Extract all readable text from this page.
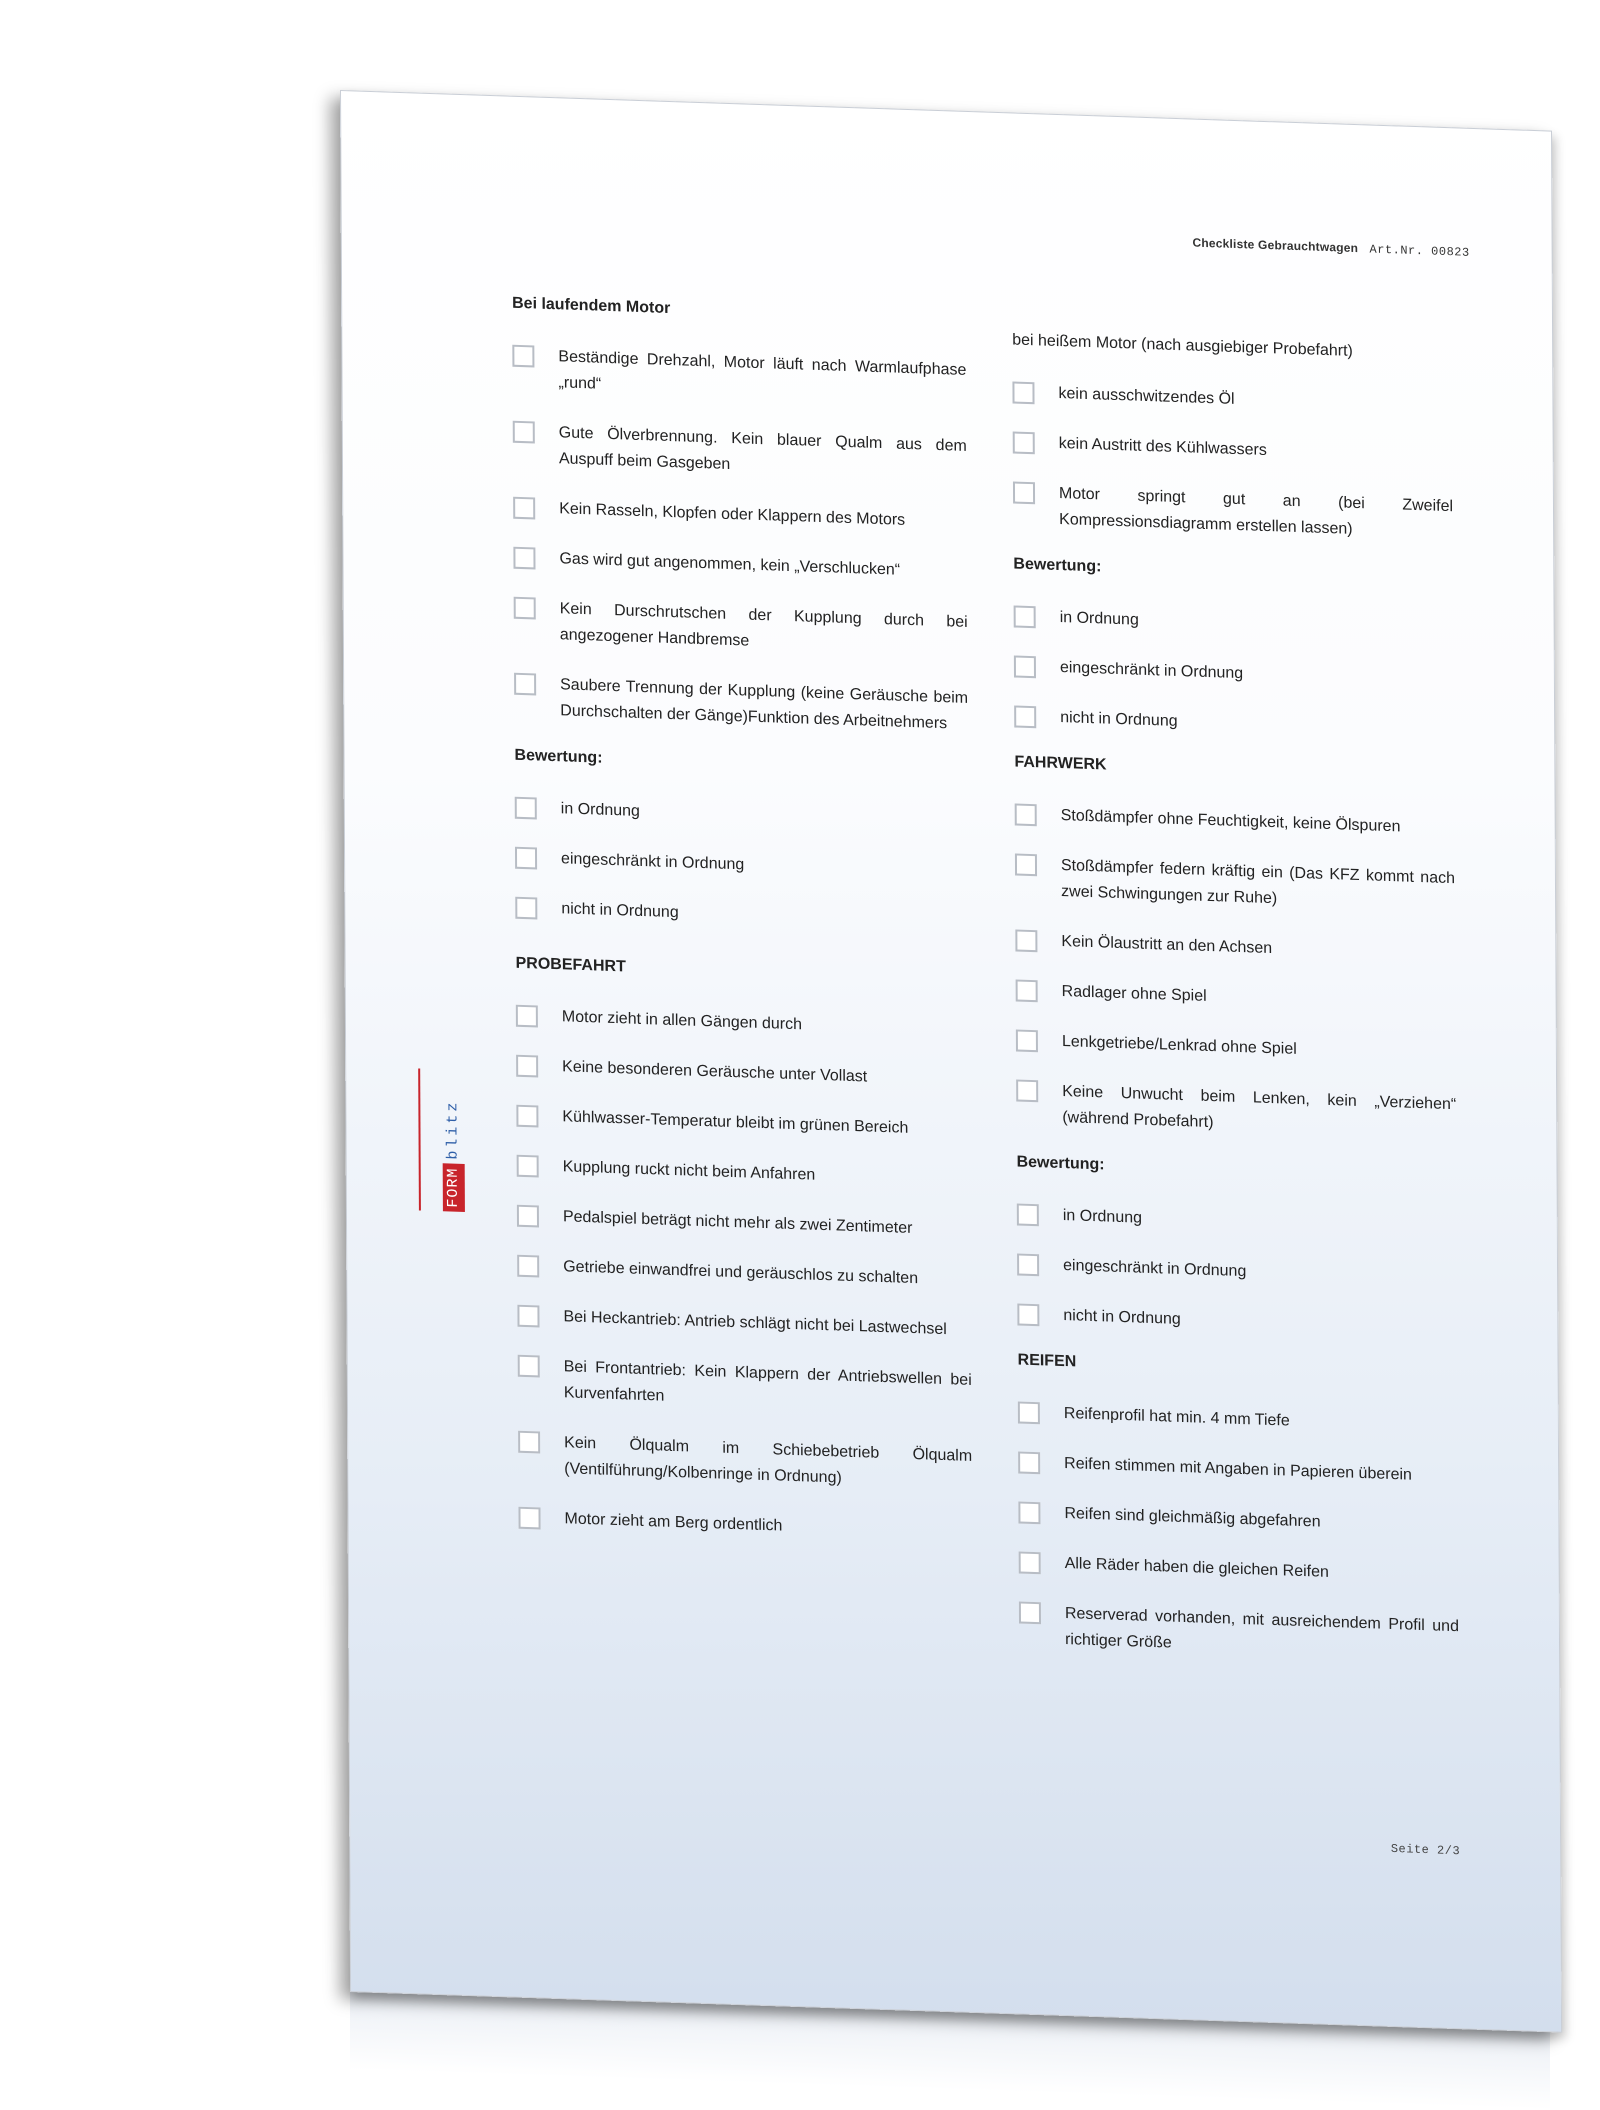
Checkliste Gebrauchtwagen Art.Nr. 00823
FORM
blitz
Bei laufendem Motor
Beständige Drehzahl, Motor läuft nach Warmlaufphase „rund“
Gute Ölverbrennung. Kein blauer Qualm aus dem Auspuff beim Gasgeben
Kein Rasseln, Klopfen oder Klappern des Motors
Gas wird gut angenommen, kein „Verschlucken“
Kein Durschrutschen der Kupplung durch bei angezogener Handbremse
Saubere Trennung der Kupplung (keine Geräusche beim Durchschalten der Gänge)Funktion des Arbeitnehmers
Bewertung:
in Ordnung
eingeschränkt in Ordnung
nicht in Ordnung
PROBEFAHRT
Motor zieht in allen Gängen durch
Keine besonderen Geräusche unter Vollast
Kühlwasser-Temperatur bleibt im grünen Bereich
Kupplung ruckt nicht beim Anfahren
Pedalspiel beträgt nicht mehr als zwei Zentimeter
Getriebe einwandfrei und geräuschlos zu schalten
Bei Heckantrieb: Antrieb schlägt nicht bei Lastwechsel
Bei Frontantrieb: Kein Klappern der Antriebswellen bei Kurvenfahrten
Kein Ölqualm im Schiebebetrieb Ölqualm (Ventilführung/Kolbenringe in Ordnung)
Motor zieht am Berg ordentlich
bei heißem Motor (nach ausgiebiger Probefahrt)
kein ausschwitzendes Öl
kein Austritt des Kühlwassers
Motor springt gut an (bei Zweifel Kompressionsdiagramm erstellen lassen)
Bewertung:
in Ordnung
eingeschränkt in Ordnung
nicht in Ordnung
FAHRWERK
Stoßdämpfer ohne Feuchtigkeit, keine Ölspuren
Stoßdämpfer federn kräftig ein (Das KFZ kommt nach zwei Schwingungen zur Ruhe)
Kein Ölaustritt an den Achsen
Radlager ohne Spiel
Lenkgetriebe/Lenkrad ohne Spiel
Keine Unwucht beim Lenken, kein „Verziehen“ (während Probefahrt)
Bewertung:
in Ordnung
eingeschränkt in Ordnung
nicht in Ordnung
REIFEN
Reifenprofil hat min. 4 mm Tiefe
Reifen stimmen mit Angaben in Papieren überein
Reifen sind gleichmäßig abgefahren
Alle Räder haben die gleichen Reifen
Reserverad vorhanden, mit ausreichendem Profil und richtiger Größe
Seite 2/3
